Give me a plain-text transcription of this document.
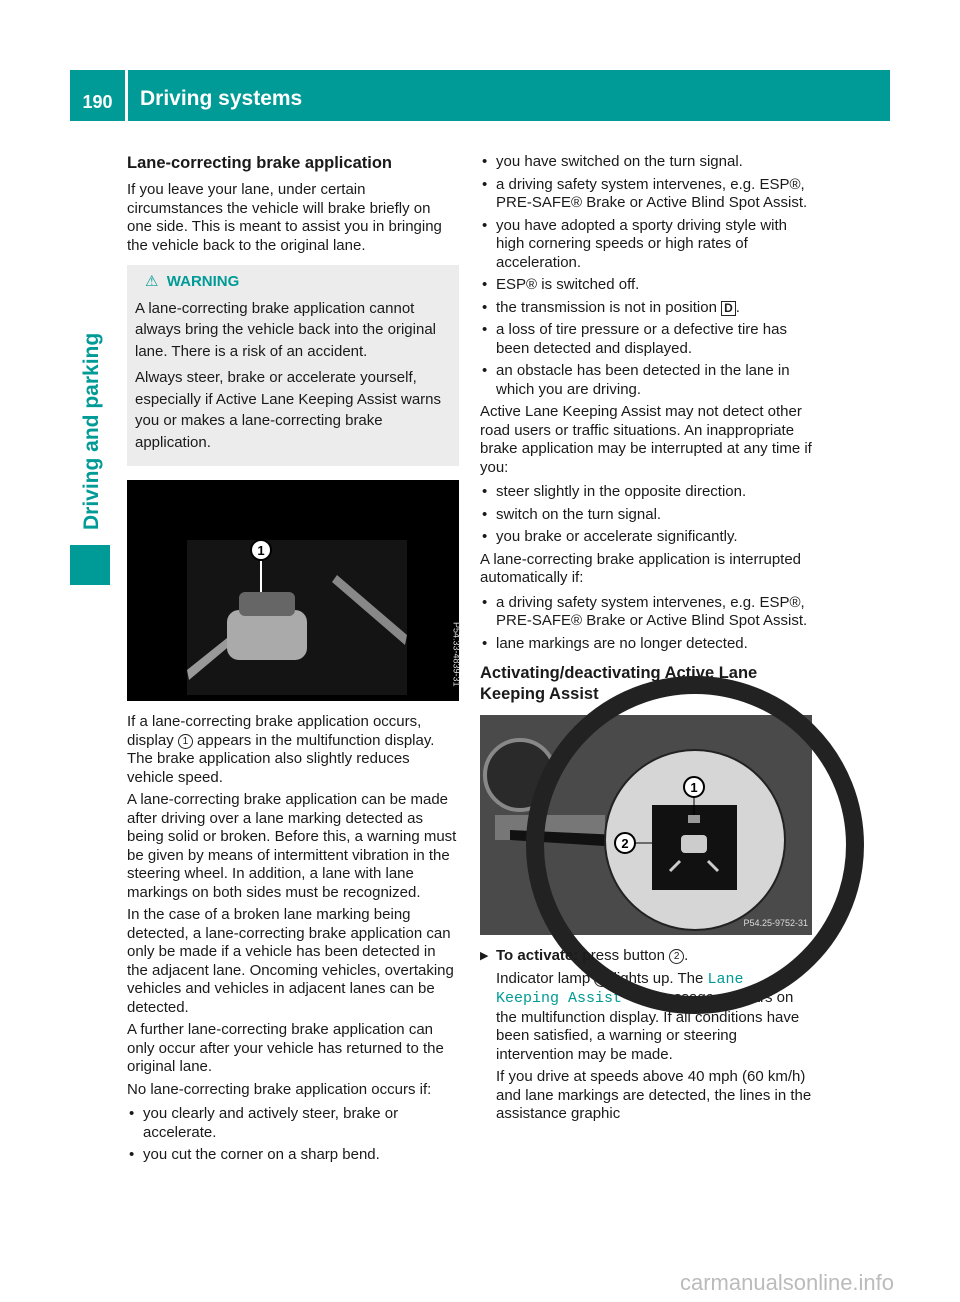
190	Driving systems
Driving and parking
Lane-correcting brake application

If you leave your lane, under certain circumstances the vehicle will brake briefly on one side. This is meant to assist you in bringing the vehicle back to the original lane.

⚠ WARNING

A lane-correcting brake application cannot always bring the vehicle back into the original lane. There is a risk of an accident.

Always steer, brake or accelerate yourself, especially if Active Lane Keeping Assist warns you or makes a lane-correcting brake application.

1
P54.33-4839-31

If a lane-correcting brake application occurs, display 1 appears in the multifunction display. The brake application also slightly reduces vehicle speed.

A lane-correcting brake application can be made after driving over a lane marking detected as being solid or broken. Before this, a warning must be given by means of intermittent vibration in the steering wheel. In addition, a lane with lane markings on both sides must be recognized.

In the case of a broken lane marking being detected, a lane-correcting brake application can only be made if a vehicle has been detected in the adjacent lane. Oncoming vehicles, overtaking vehicles and vehicles in adjacent lanes can be detected.

A further lane-correcting brake application can only occur after your vehicle has returned to the original lane.

No lane-correcting brake application occurs if:

• you clearly and actively steer, brake or accelerate.
• you cut the corner on a sharp bend.
• you have switched on the turn signal.
• a driving safety system intervenes, e.g. ESP®, PRE-SAFE® Brake or Active Blind Spot Assist.
• you have adopted a sporty driving style with high cornering speeds or high rates of acceleration.
• ESP® is switched off.
• the transmission is not in position D .
• a loss of tire pressure or a defective tire has been detected and displayed.
• an obstacle has been detected in the lane in which you are driving.

Active Lane Keeping Assist may not detect other road users or traffic situations. An inappropriate brake application may be interrupted at any time if you:

• steer slightly in the opposite direction.
• switch on the turn signal.
• you brake or accelerate significantly.

A lane-correcting brake application is interrupted automatically if:

• a driving safety system intervenes, e.g. ESP®, PRE-SAFE® Brake or Active Blind Spot Assist.
• lane markings are no longer detected.
Activating/deactivating Active Lane Keeping Assist
1
2
P54.25-9752-31

▶ To activate: press button 2 .

Indicator lamp 1 lights up. The Lane Keeping Assist On message appears on the multifunction display. If all conditions have been satisfied, a warning or steering intervention may be made.

If you drive at speeds above 40 mph (60 km/h) and lane markings are detected, the lines in the assistance graphic

carmanualsonline.info
